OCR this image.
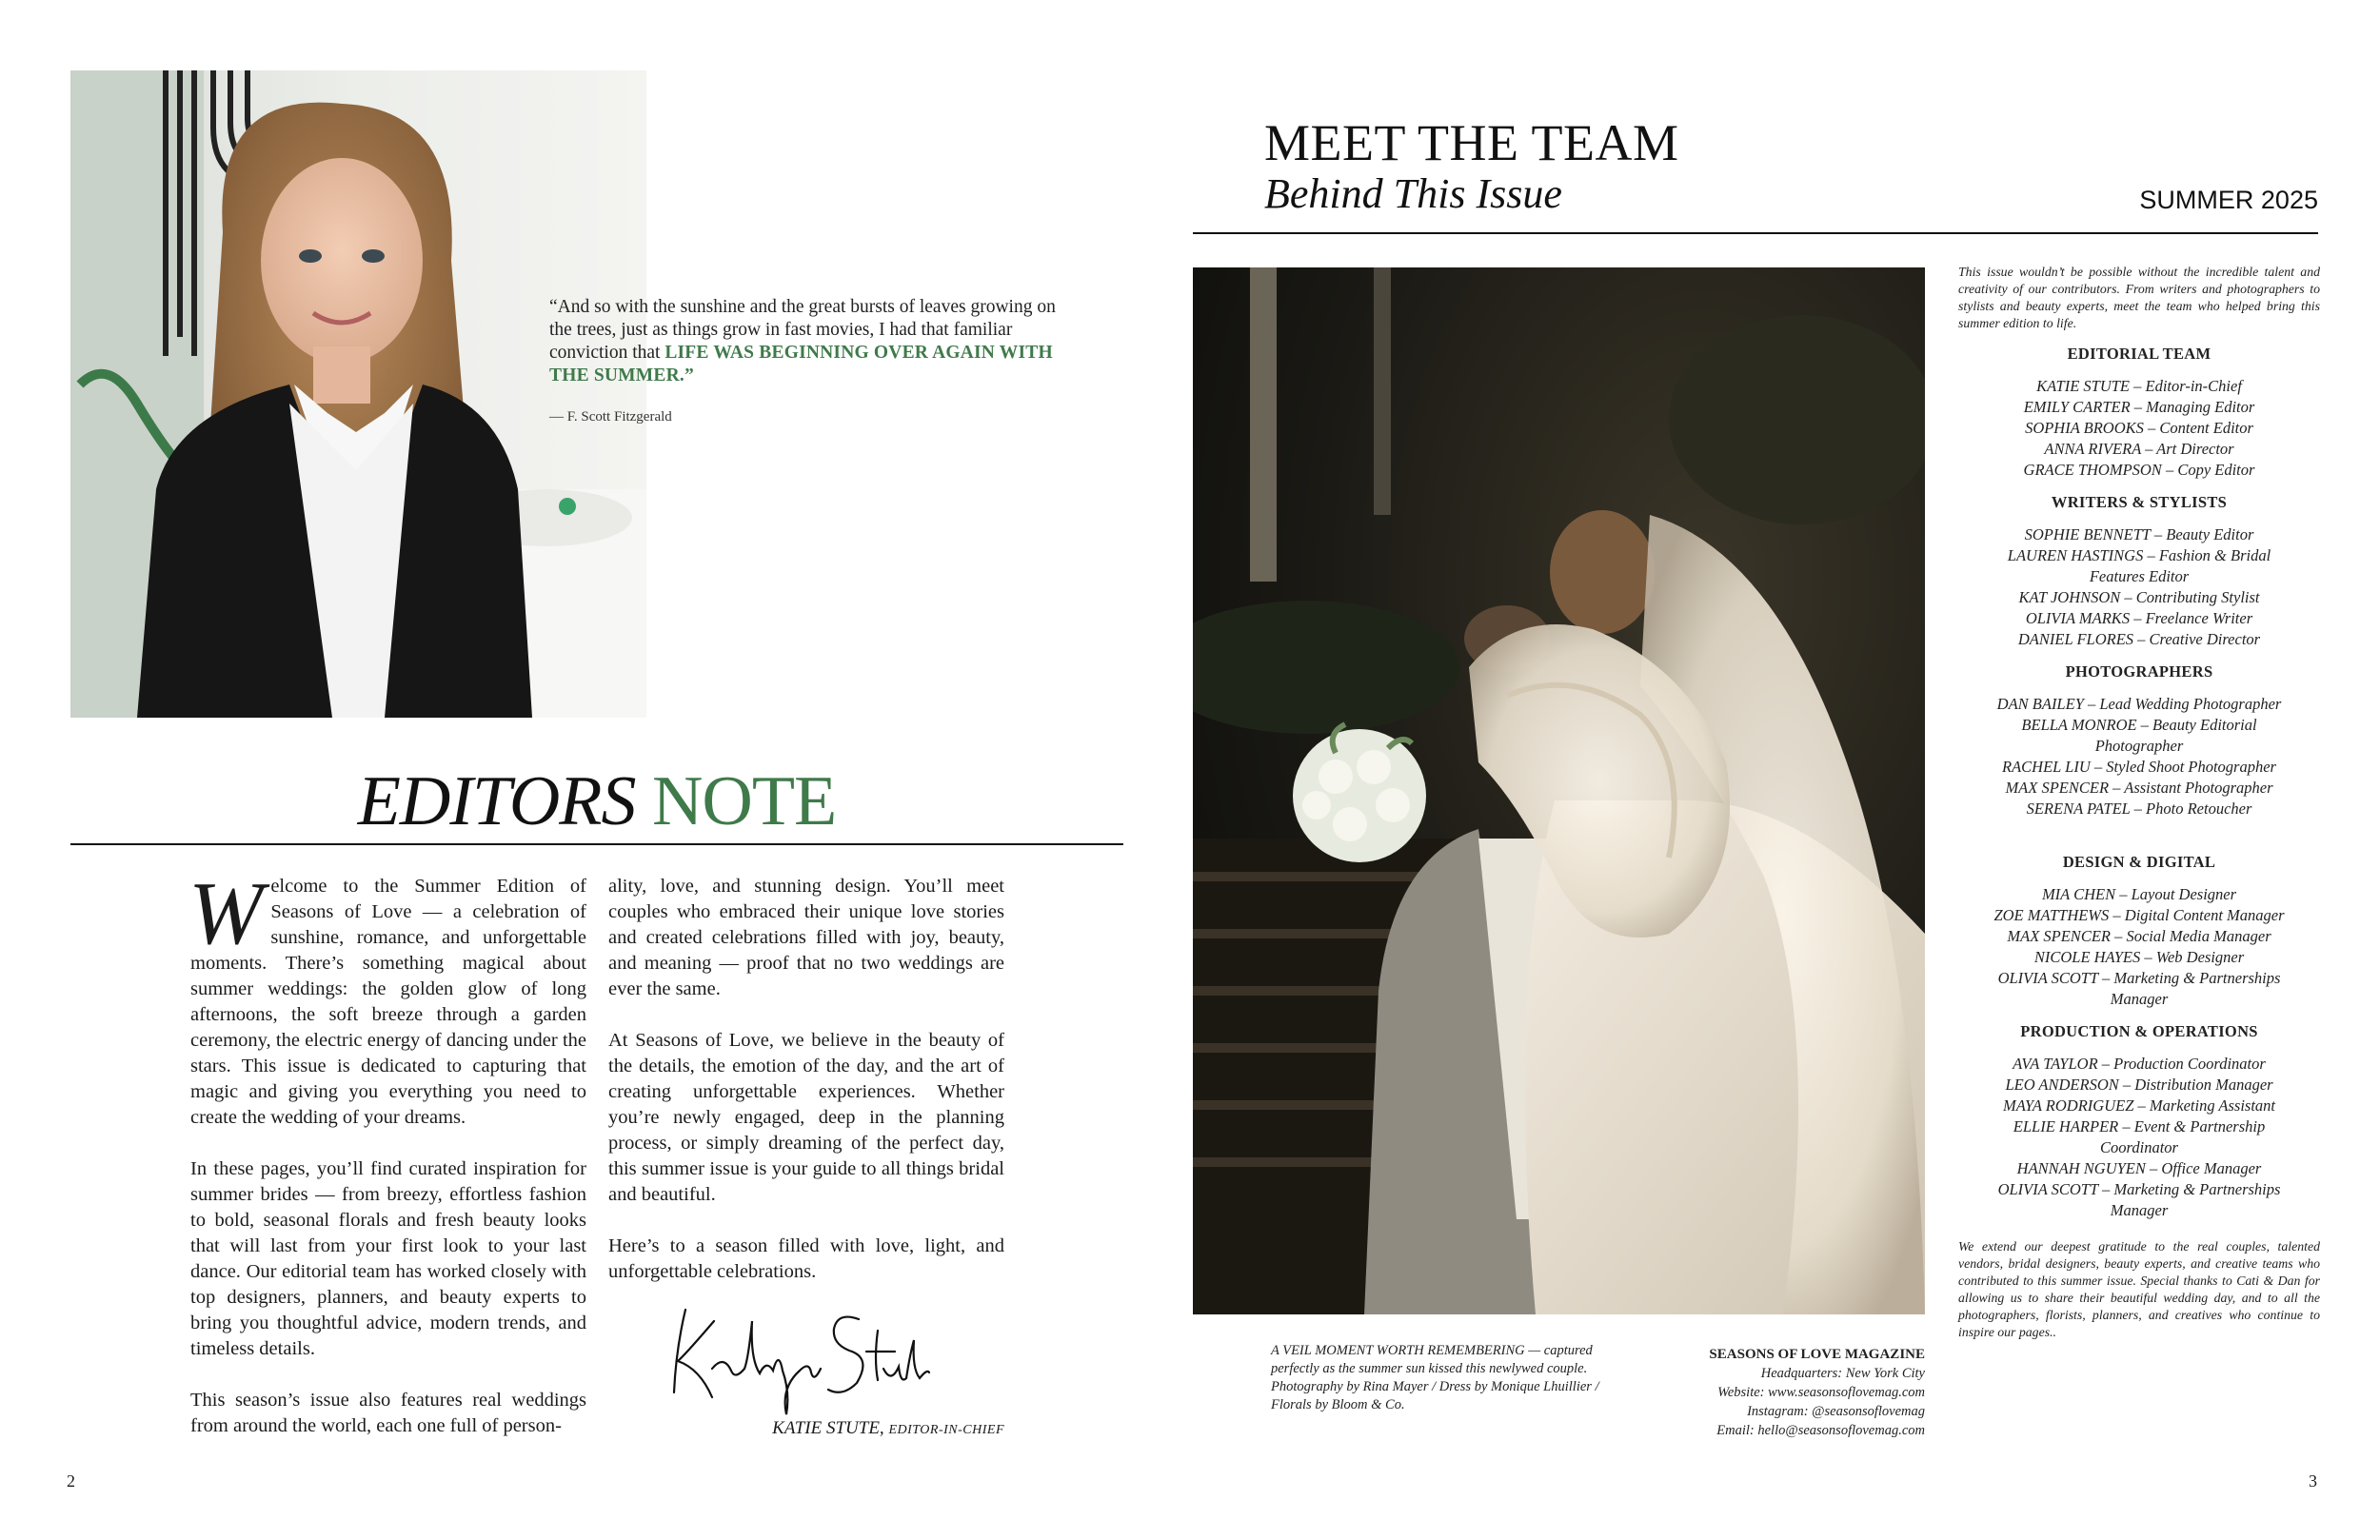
“And so with the sunshine and the great bursts of leaves growing on the trees, just as things grow in fast movies, I had that familiar conviction that LIFE WAS BEGINNING OVER AGAIN WITH THE SUMMER.”
— F. Scott Fitzgerald
EDITORS NOTE

Welcome to the Summer Edition of Seasons of Love — a celebration of sunshine, romance, and unforgettable moments. There’s something magical about summer weddings: the golden glow of long afternoons, the soft breeze through a garden ceremony, the electric energy of dancing under the stars. This issue is dedicated to capturing that magic and giving you everything you need to create the wedding of your dreams.

In these pages, you’ll find curated inspiration for summer brides — from breezy, effortless fashion to bold, seasonal florals and fresh beauty looks that will last from your first look to your last dance. Our editorial team has worked closely with top designers, planners, and beauty experts to bring you thoughtful advice, modern trends, and timeless details.

This season’s issue also features real weddings from around the world, each one full of person-

ality, love, and stunning design. You’ll meet couples who embraced their unique love stories and created celebrations filled with joy, beauty, and meaning — proof that no two weddings are ever the same.

At Seasons of Love, we believe in the beauty of the details, the emotion of the day, and the art of creating unforgettable experiences. Whether you’re newly engaged, deep in the planning process, or simply dreaming of the perfect day, this summer issue is your guide to all things bridal and beautiful.

Here’s to a season filled with love, light, and unforgettable celebrations.

KATIE STUTE, EDITOR-IN-CHIEF
2
MEET THE TEAM
Behind This Issue	SUMMER 2025
A VEIL MOMENT WORTH REMEMBERING — captured perfectly as the summer sun kissed this newlywed couple. Photography by Rina Mayer / Dress by Monique Lhuillier / Florals by Bloom & Co.
SEASONS OF LOVE MAGAZINE
Headquarters: New York City
Website: www.seasonsoflovemag.com
Instagram: @seasonsoflovemag
Email: hello@seasonsoflovemag.com
This issue wouldn’t be possible without the incredible talent and creativity of our contributors. From writers and photographers to stylists and beauty experts, meet the team who helped bring this summer edition to life.
EDITORIAL TEAM
KATIE STUTE – Editor-in-Chief
EMILY CARTER – Managing Editor
SOPHIA BROOKS – Content Editor
ANNA RIVERA – Art Director
GRACE THOMPSON – Copy Editor
WRITERS & STYLISTS
SOPHIE BENNETT – Beauty Editor
LAUREN HASTINGS – Fashion & Bridal Features Editor
KAT JOHNSON – Contributing Stylist
OLIVIA MARKS – Freelance Writer
DANIEL FLORES – Creative Director
PHOTOGRAPHERS
DAN BAILEY – Lead Wedding Photographer
BELLA MONROE – Beauty Editorial Photographer
RACHEL LIU – Styled Shoot Photographer
MAX SPENCER – Assistant Photographer
SERENA PATEL – Photo Retoucher
DESIGN & DIGITAL
MIA CHEN – Layout Designer
ZOE MATTHEWS – Digital Content Manager
MAX SPENCER – Social Media Manager
NICOLE HAYES – Web Designer
OLIVIA SCOTT – Marketing & Partnerships Manager
PRODUCTION & OPERATIONS
AVA TAYLOR – Production Coordinator
LEO ANDERSON – Distribution Manager
MAYA RODRIGUEZ – Marketing Assistant
ELLIE HARPER – Event & Partnership Coordinator
HANNAH NGUYEN – Office Manager
OLIVIA SCOTT – Marketing & Partnerships Manager
We extend our deepest gratitude to the real couples, talented vendors, bridal designers, beauty experts, and creative teams who contributed to this summer issue. Special thanks to Cati & Dan for allowing us to share their beautiful wedding day, and to all the photographers, florists, planners, and creatives who continue to inspire our pages..
3
